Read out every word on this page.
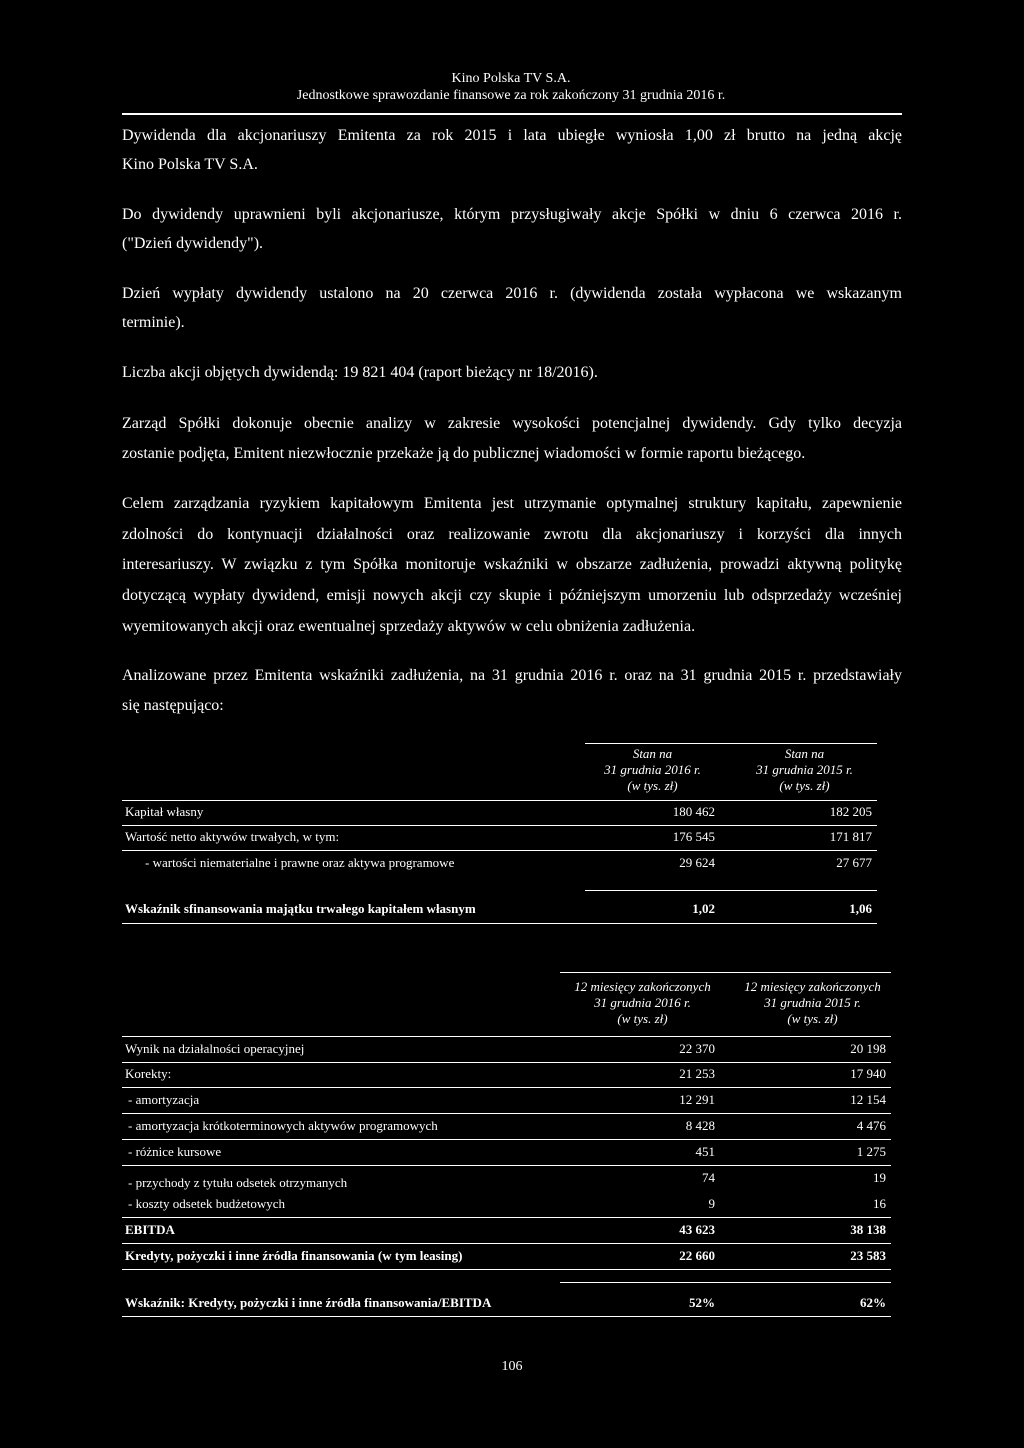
Kino Polska TV S.A.
Jednostkowe sprawozdanie finansowe za rok zakończony 31 grudnia 2016 r.
Dywidenda dla akcjonariuszy Emitenta za rok 2015 i lata ubiegłe wyniosła 1,00 zł brutto na jedną akcję
Kino Polska TV S.A.
Do dywidendy uprawnieni byli akcjonariusze, którym przysługiwały akcje Spółki w dniu 6 czerwca 2016 r.
("Dzień dywidendy").
Dzień wypłaty dywidendy ustalono na 20 czerwca 2016 r. (dywidenda została wypłacona we wskazanym
terminie).
Liczba akcji objętych dywidendą: 19 821 404 (raport bieżący nr 18/2016).
Zarząd Spółki dokonuje obecnie analizy w zakresie wysokości potencjalnej dywidendy. Gdy tylko decyzja
zostanie podjęta, Emitent niezwłocznie przekaże ją do publicznej wiadomości w formie raportu bieżącego.
Celem zarządzania ryzykiem kapitałowym Emitenta jest utrzymanie optymalnej struktury kapitału, zapewnienie
zdolności do kontynuacji działalności oraz realizowanie zwrotu dla akcjonariuszy i korzyści dla innych
interesariuszy. W związku z tym Spółka monitoruje wskaźniki w obszarze zadłużenia, prowadzi aktywną politykę
dotyczącą wypłaty dywidend, emisji nowych akcji czy skupie i późniejszym umorzeniu lub odsprzedaży wcześniej
wyemitowanych akcji oraz ewentualnej sprzedaży aktywów w celu obniżenia zadłużenia.
Analizowane przez Emitenta wskaźniki zadłużenia, na 31 grudnia 2016 r. oraz na 31 grudnia 2015 r. przedstawiały
się następująco:
Stan na
31 grudnia 2016 r.
(w tys. zł)
Stan na
31 grudnia 2015 r.
(w tys. zł)
Kapitał własny	180 462	182 205
Wartość netto aktywów trwałych, w tym:	176 545	171 817
- wartości niematerialne i prawne oraz aktywa programowe	29 624	27 677
Wskaźnik sfinansowania majątku trwałego kapitałem własnym	1,02	1,06
12 miesięcy zakończonych
31 grudnia 2016 r.
(w tys. zł)
12 miesięcy zakończonych
31 grudnia 2015 r.
(w tys. zł)
Wynik na działalności operacyjnej	22 370	20 198
Korekty:	21 253	17 940
- amortyzacja	12 291	12 154
- amortyzacja krótkoterminowych aktywów programowych	8 428	4 476
- różnice kursowe	451	1 275
- przychody z tytułu odsetek otrzymanych	74	19
- koszty odsetek budżetowych	9	16
EBITDA	43 623	38 138
Kredyty, pożyczki i inne źródła finansowania (w tym leasing)	22 660	23 583
Wskaźnik: Kredyty, pożyczki i inne źródła finansowania/EBITDA	52%	62%
106
